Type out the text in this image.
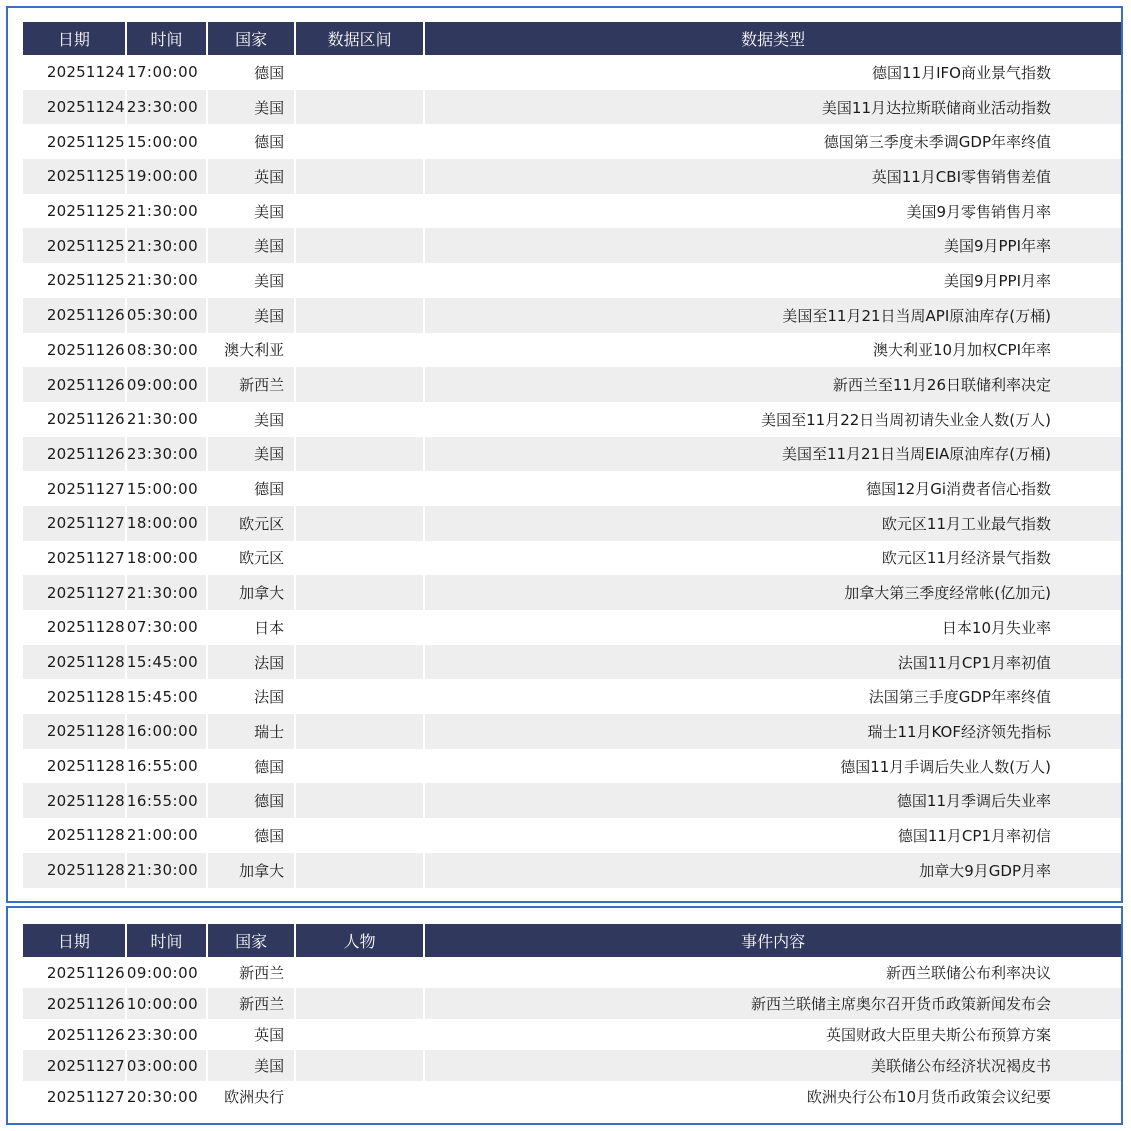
日期	时间	国家	数据区间	数据类型
20251124	17:00:00	德国		德国11月IFO商业景气指数
20251124	23:30:00	美国		美国11月达拉斯联储商业活动指数
20251125	15:00:00	德国		德国第三季度未季调GDP年率终值
20251125	19:00:00	英国		英国11月CBI零售销售差值
20251125	21:30:00	美国		美国9月零售销售月率
20251125	21:30:00	美国		美国9月PPI年率
20251125	21:30:00	美国		美国9月PPI月率
20251126	05:30:00	美国		美国至11月21日当周API原油库存(万桶)
20251126	08:30:00	澳大利亚		澳大利亚10月加权CPI年率
20251126	09:00:00	新西兰		新西兰至11月26日联储利率决定
20251126	21:30:00	美国		美国至11月22日当周初请失业金人数(万人)
20251126	23:30:00	美国		美国至11月21日当周EIA原油库存(万桶)
20251127	15:00:00	德国		德国12月Gi消费者信心指数
20251127	18:00:00	欧元区		欧元区11月工业最气指数
20251127	18:00:00	欧元区		欧元区11月经济景气指数
20251127	21:30:00	加拿大		加拿大第三季度经常帐(亿加元)
20251128	07:30:00	日本		日本10月失业率
20251128	15:45:00	法国		法国11月CP1月率初值
20251128	15:45:00	法国		法国第三手度GDP年率终值
20251128	16:00:00	瑞士		瑞士11月KOF经济领先指标
20251128	16:55:00	德国		德国11月手调后失业人数(万人)
20251128	16:55:00	德国		德国11月季调后失业率
20251128	21:00:00	德国		德国11月CP1月率初信
20251128	21:30:00	加拿大		加章大9月GDP月率
日期	时间	国家	人物	事件内容
20251126	09:00:00	新西兰		新西兰联储公布利率决议
20251126	10:00:00	新西兰		新西兰联储主席奥尔召开货币政策新闻发布会
20251126	23:30:00	英国		英国财政大臣里夫斯公布预算方案
20251127	03:00:00	美国		美联储公布经济状况褐皮书
20251127	20:30:00	欧洲央行		欧洲央行公布10月货币政策会议纪要
